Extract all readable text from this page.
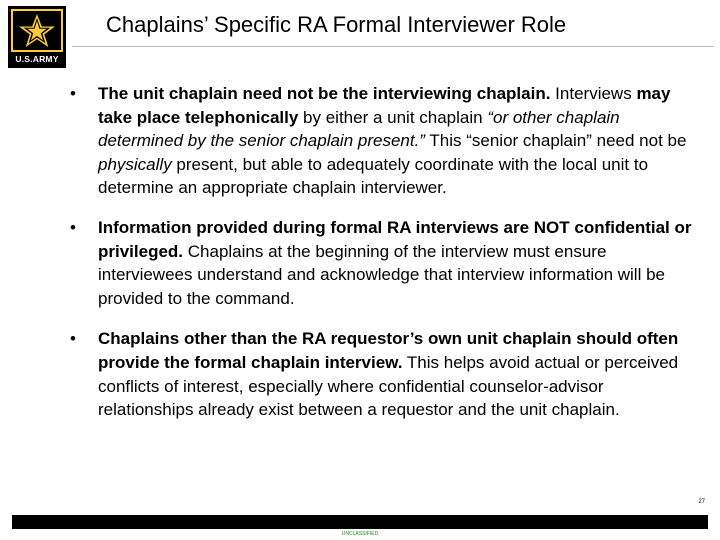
U.S.ARMY
Chaplains’ Specific RA Formal Interviewer Role
• The unit chaplain need not be the interviewing chaplain. Interviews may take place telephonically by either a unit chaplain “or other chaplain determined by the senior chaplain present.” This “senior chaplain” need not be physically present, but able to adequately coordinate with the local unit to determine an appropriate chaplain interviewer.
• Information provided during formal RA interviews are NOT confidential or privileged. Chaplains at the beginning of the interview must ensure interviewees understand and acknowledge that interview information will be provided to the command.
• Chaplains other than the RA requestor’s own unit chaplain should often provide the formal chaplain interview. This helps avoid actual or perceived conflicts of interest, especially where confidential counselor-advisor relationships already exist between a requestor and the unit chaplain.
27
UNCLASSIFIED
